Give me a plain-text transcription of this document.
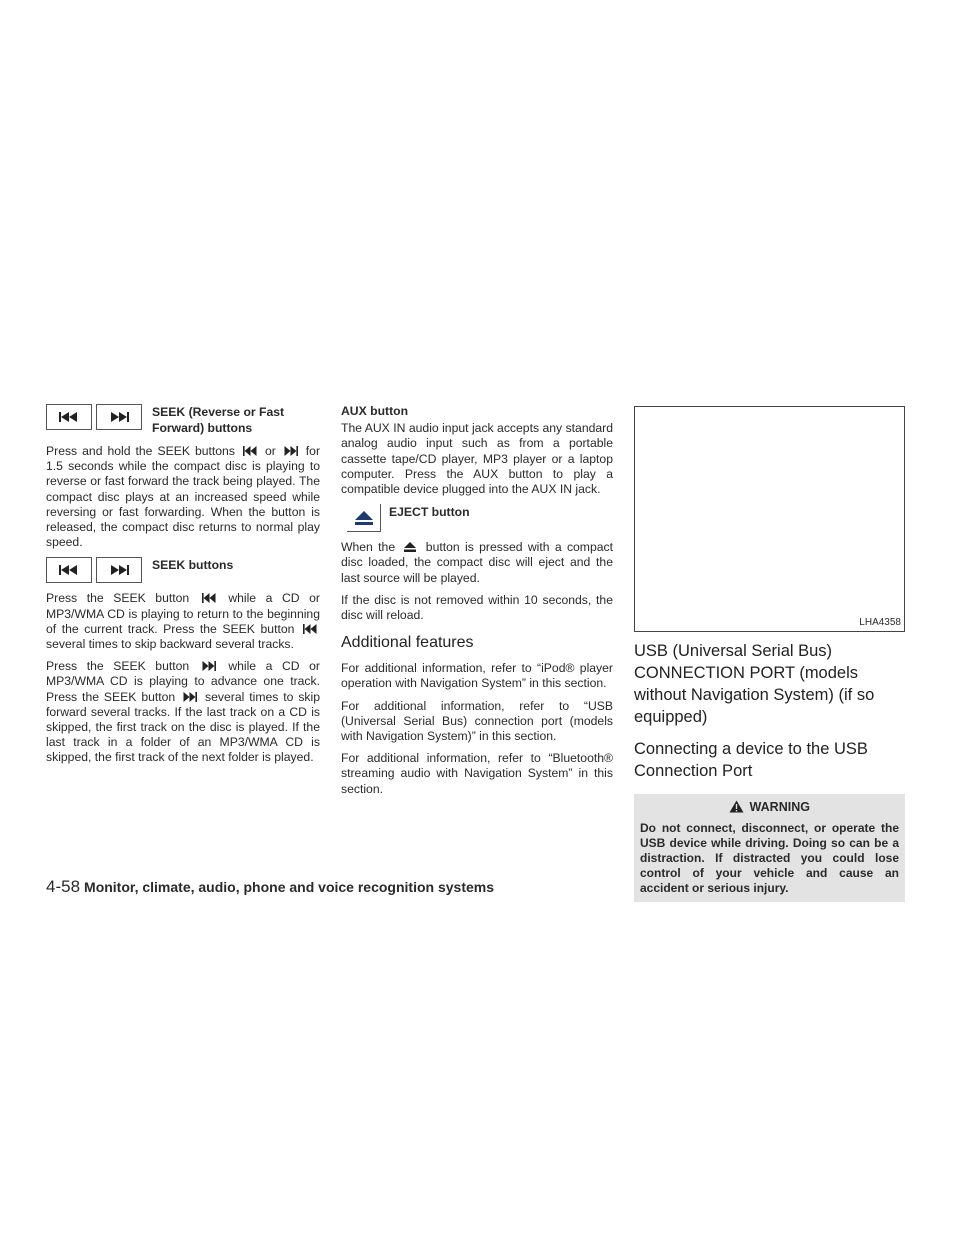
SEEK (Reverse or Fast
Forward) buttons

Press and hold the SEEK buttons or for 1.5 seconds while the compact disc is playing to reverse or fast forward the track being played. The compact disc plays at an increased speed while reversing or fast forwarding. When the button is released, the compact disc returns to normal play speed.

SEEK buttons

Press the SEEK button	while a CD or MP3/WMA CD is playing to return to the beginning of the current track. Press the SEEK button
several times to skip backward several tracks.

Press the SEEK button	while a CD or MP3/WMA CD is playing to advance one track. Press the SEEK button several times to skip forward several tracks. If the last track on a CD is skipped, the first track on the disc is played. If the last track in a folder of an MP3/WMA CD is skipped, the first track of the next folder is played.

AUX button

The AUX IN audio input jack accepts any standard analog audio input such as from a portable cassette tape/CD player, MP3 player or a laptop computer. Press the AUX button to play a compatible device plugged into the AUX IN jack.

EJECT button

When the	button is pressed with a compact disc loaded, the compact disc will eject and the last source will be played.

If the disc is not removed within 10 seconds, the disc will reload.

Additional features

For additional information, refer to “iPod® player operation with Navigation System” in this section.

For additional information, refer to “USB (Universal Serial Bus) connection port (models with Navigation System)” in this section.

For additional information, refer to “Bluetooth® streaming audio with Navigation System” in this section.

LHA4358
USB (Universal Serial Bus) CONNECTION PORT (models without Navigation System) (if so equipped)
Connecting a device to the USB Connection Port
WARNING
Do not connect, disconnect, or operate the USB device while driving. Doing so can be a distraction. If distracted you could lose control of your vehicle and cause an accident or serious injury.
4-58 Monitor, climate, audio, phone and voice recognition systems
